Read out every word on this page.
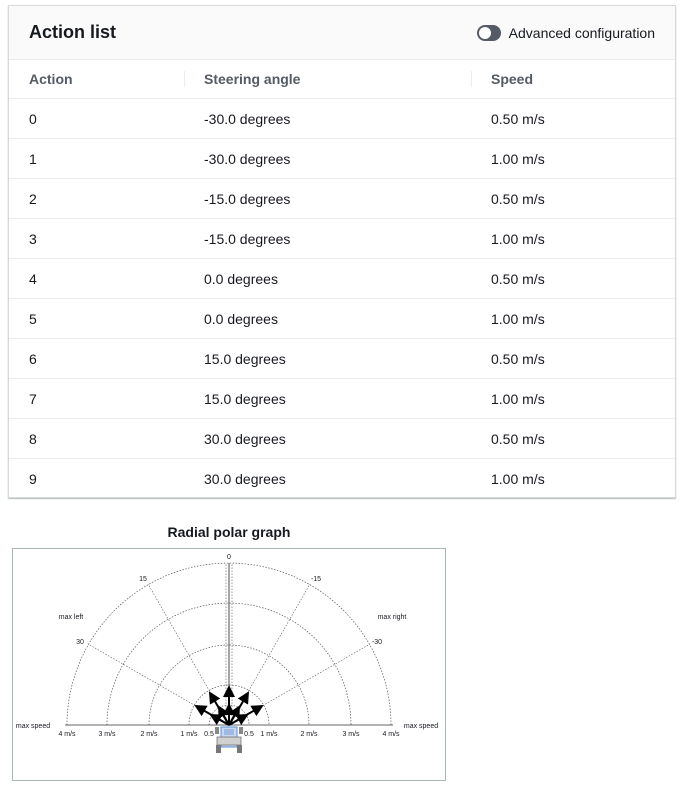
Action list	Advanced configuration
Action	Steering angle	Speed
0	-30.0 degrees	0.50 m/s
1	-30.0 degrees	1.00 m/s
2	-15.0 degrees	0.50 m/s
3	-15.0 degrees	1.00 m/s
4	0.0 degrees	0.50 m/s
5	0.0 degrees	1.00 m/s
6	15.0 degrees	0.50 m/s
7	15.0 degrees	1.00 m/s
8	30.0 degrees	0.50 m/s
9	30.0 degrees	1.00 m/s
Radial polar graph
0
15	-15
30	-30
max left	max right
max speed	max speed
4 m/s	3 m/s	2 m/s	1 m/s 0.5	0.5 1 m/s	2 m/s	3 m/s	4 m/s
